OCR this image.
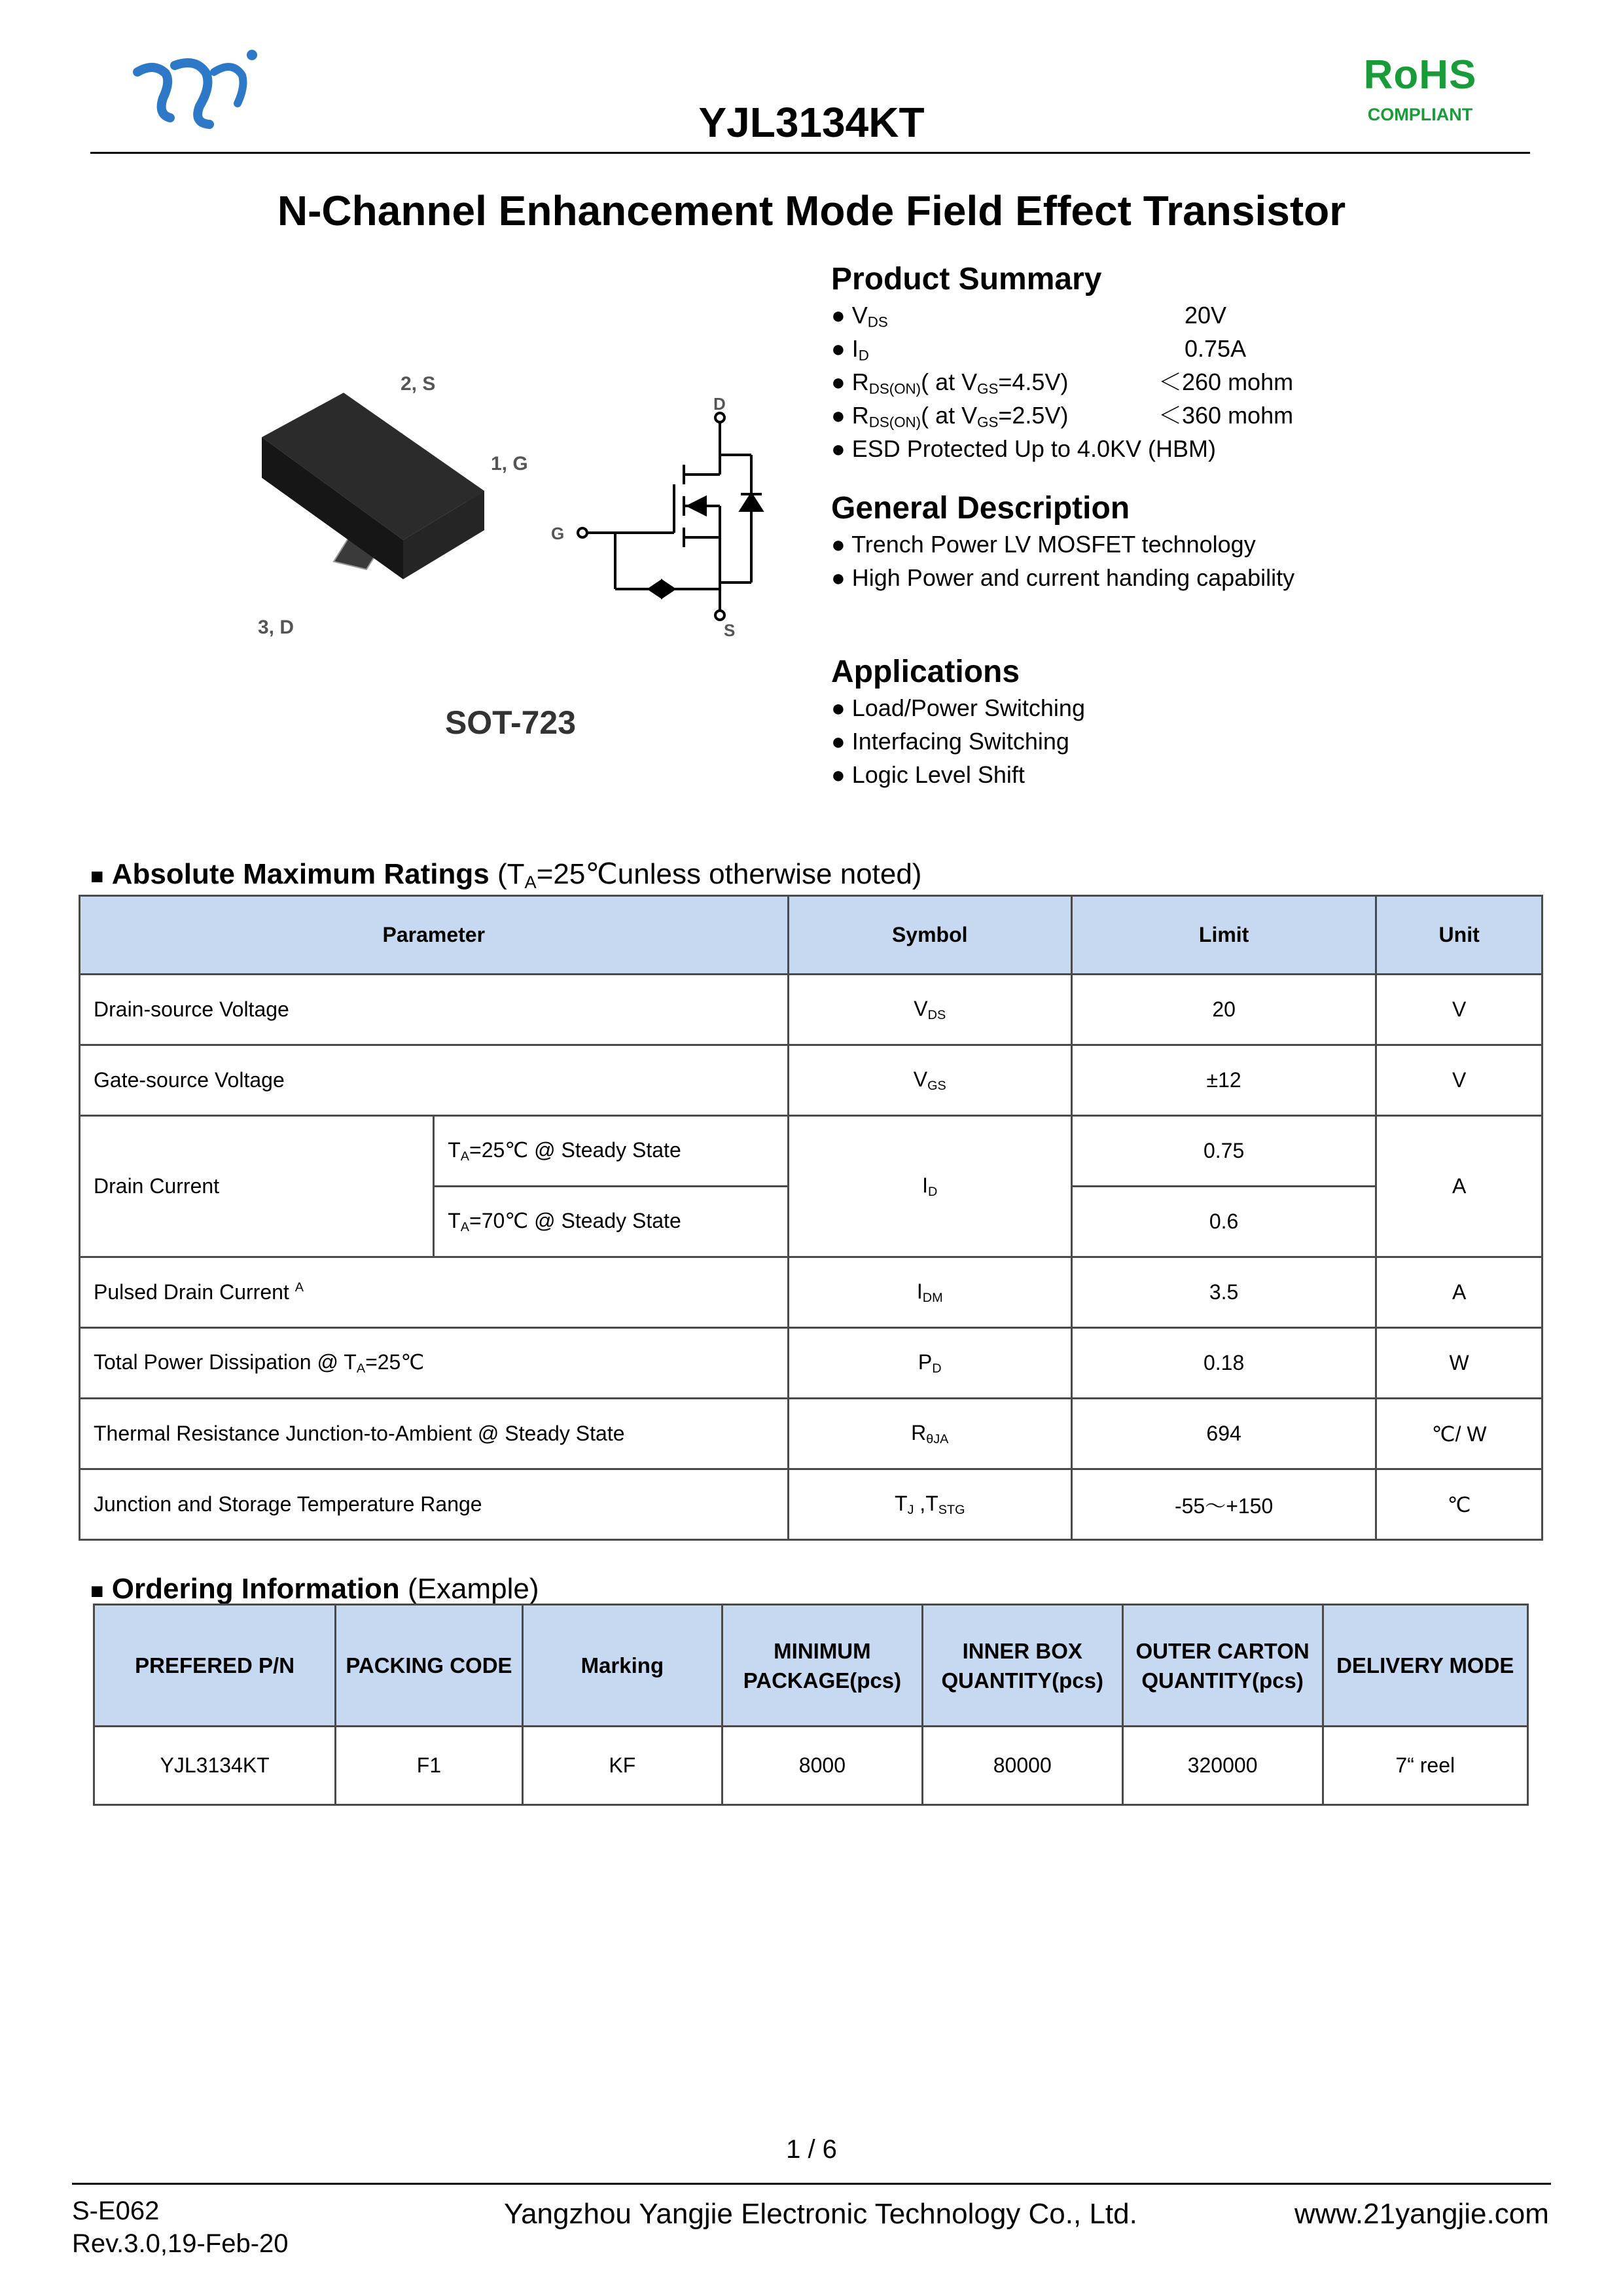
YJL3134KT
RoHS
COMPLIANT
N-Channel Enhancement Mode Field Effect Transistor
2, S
1, G
3, D
D
G
S
SOT-723
Product Summary
● $V_{DS}$	20V
● $I_D$	0.75A
● $R_{DS(ON)}$( at $V_{GS}=4.5V$)	＜260 mohm
● $R_{DS(ON)}$( at $V_{GS}=2.5V$)	＜360 mohm
● ESD Protected Up to 4.0KV (HBM)
General Description
● Trench Power LV MOSFET technology
● High Power and current handing capability
Applications
● Load/Power Switching
● Interfacing Switching
● Logic Level Shift
■ Absolute Maximum Ratings ($T_A=25℃unless$ otherwise noted)
Parameter		Symbol	Limit	Unit
Drain-source Voltage		$V_{DS}$	20	V
Gate-source Voltage		$V_{GS}$	±12	V
Drain Current	$T_A=25℃$ @ Steady State	$I_D$	0.75	A
	$T_A=70℃$ @ Steady State		0.6	
Pulsed Drain Current $^A$		$I_{DM}$	3.5	A
Total Power Dissipation @ $T_A=25℃$		$P_D$	0.18	W
Thermal Resistance Junction-to-Ambient @ Steady State		$R_{\theta JA}$	694	℃/ W
Junction and Storage Temperature Range		$T_J$ $,T_{STG}$	-55～+150	℃
■ Ordering Information (Example)
PREFERED P/N	PACKING CODE	Marking	MINIMUM PACKAGE(pcs)	INNER BOX QUANTITY(pcs)	OUTER CARTON QUANTITY(pcs)	DELIVERY MODE
YJL3134KT	F1	KF	8000	80000	320000	7“ reel
1 / 6
S-E062
Rev.3.0,19-Feb-20
Yangzhou Yangjie Electronic Technology Co., Ltd.	www.21yangjie.com
